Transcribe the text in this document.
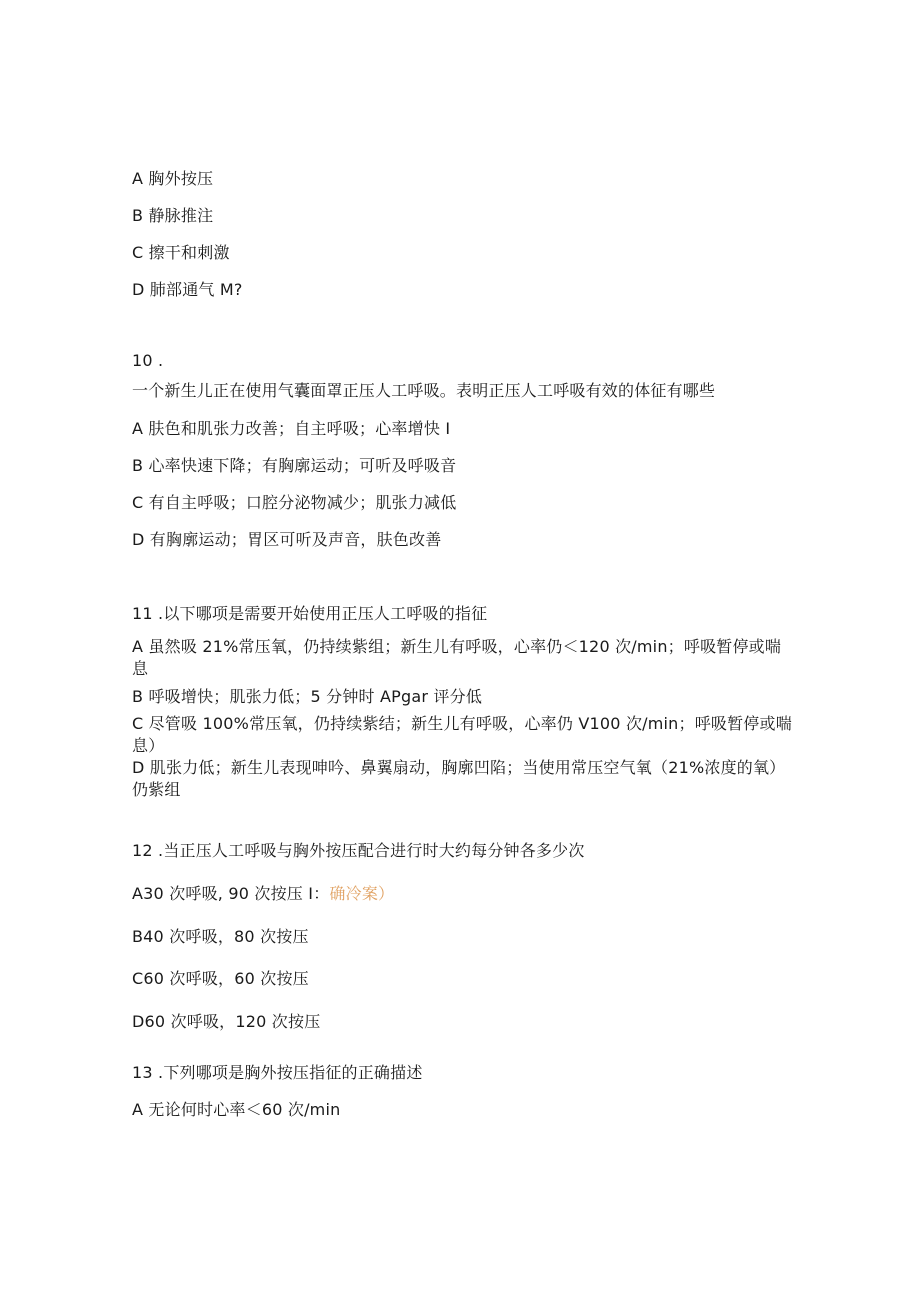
A 胸外按压
B 静脉推注
C 擦干和刺激
D 肺部通气 M?
10 .
一个新生儿正在使用气囊面罩正压人工呼吸。表明正压人工呼吸有效的体征有哪些
A 肤色和肌张力改善；自主呼吸；心率增快 I
B 心率快速下降；有胸廓运动；可听及呼吸音
C 有自主呼吸；口腔分泌物减少；肌张力减低
D 有胸廓运动；胃区可听及声音，肤色改善
11 .以下哪项是需要开始使用正压人工呼吸的指征
A 虽然吸 21%常压氧，仍持续紫组；新生儿有呼吸，心率仍＜120 次/min；呼吸暂停或喘息
B 呼吸增快；肌张力低；5 分钟时 APgar 评分低
C 尽管吸 100%常压氧，仍持续紫结；新生儿有呼吸，心率仍 V100 次/min；呼吸暂停或喘息）
D 肌张力低；新生儿表现呻吟、鼻翼扇动，胸廓凹陷；当使用常压空气氧（21%浓度的氧）仍紫组
12 .当正压人工呼吸与胸外按压配合进行时大约每分钟各多少次
A30 次呼吸, 90 次按压 I：确冷案）
B40 次呼吸，80 次按压
C60 次呼吸，60 次按压
D60 次呼吸，120 次按压
13 .下列哪项是胸外按压指征的正确描述
A 无论何时心率＜60 次/min
